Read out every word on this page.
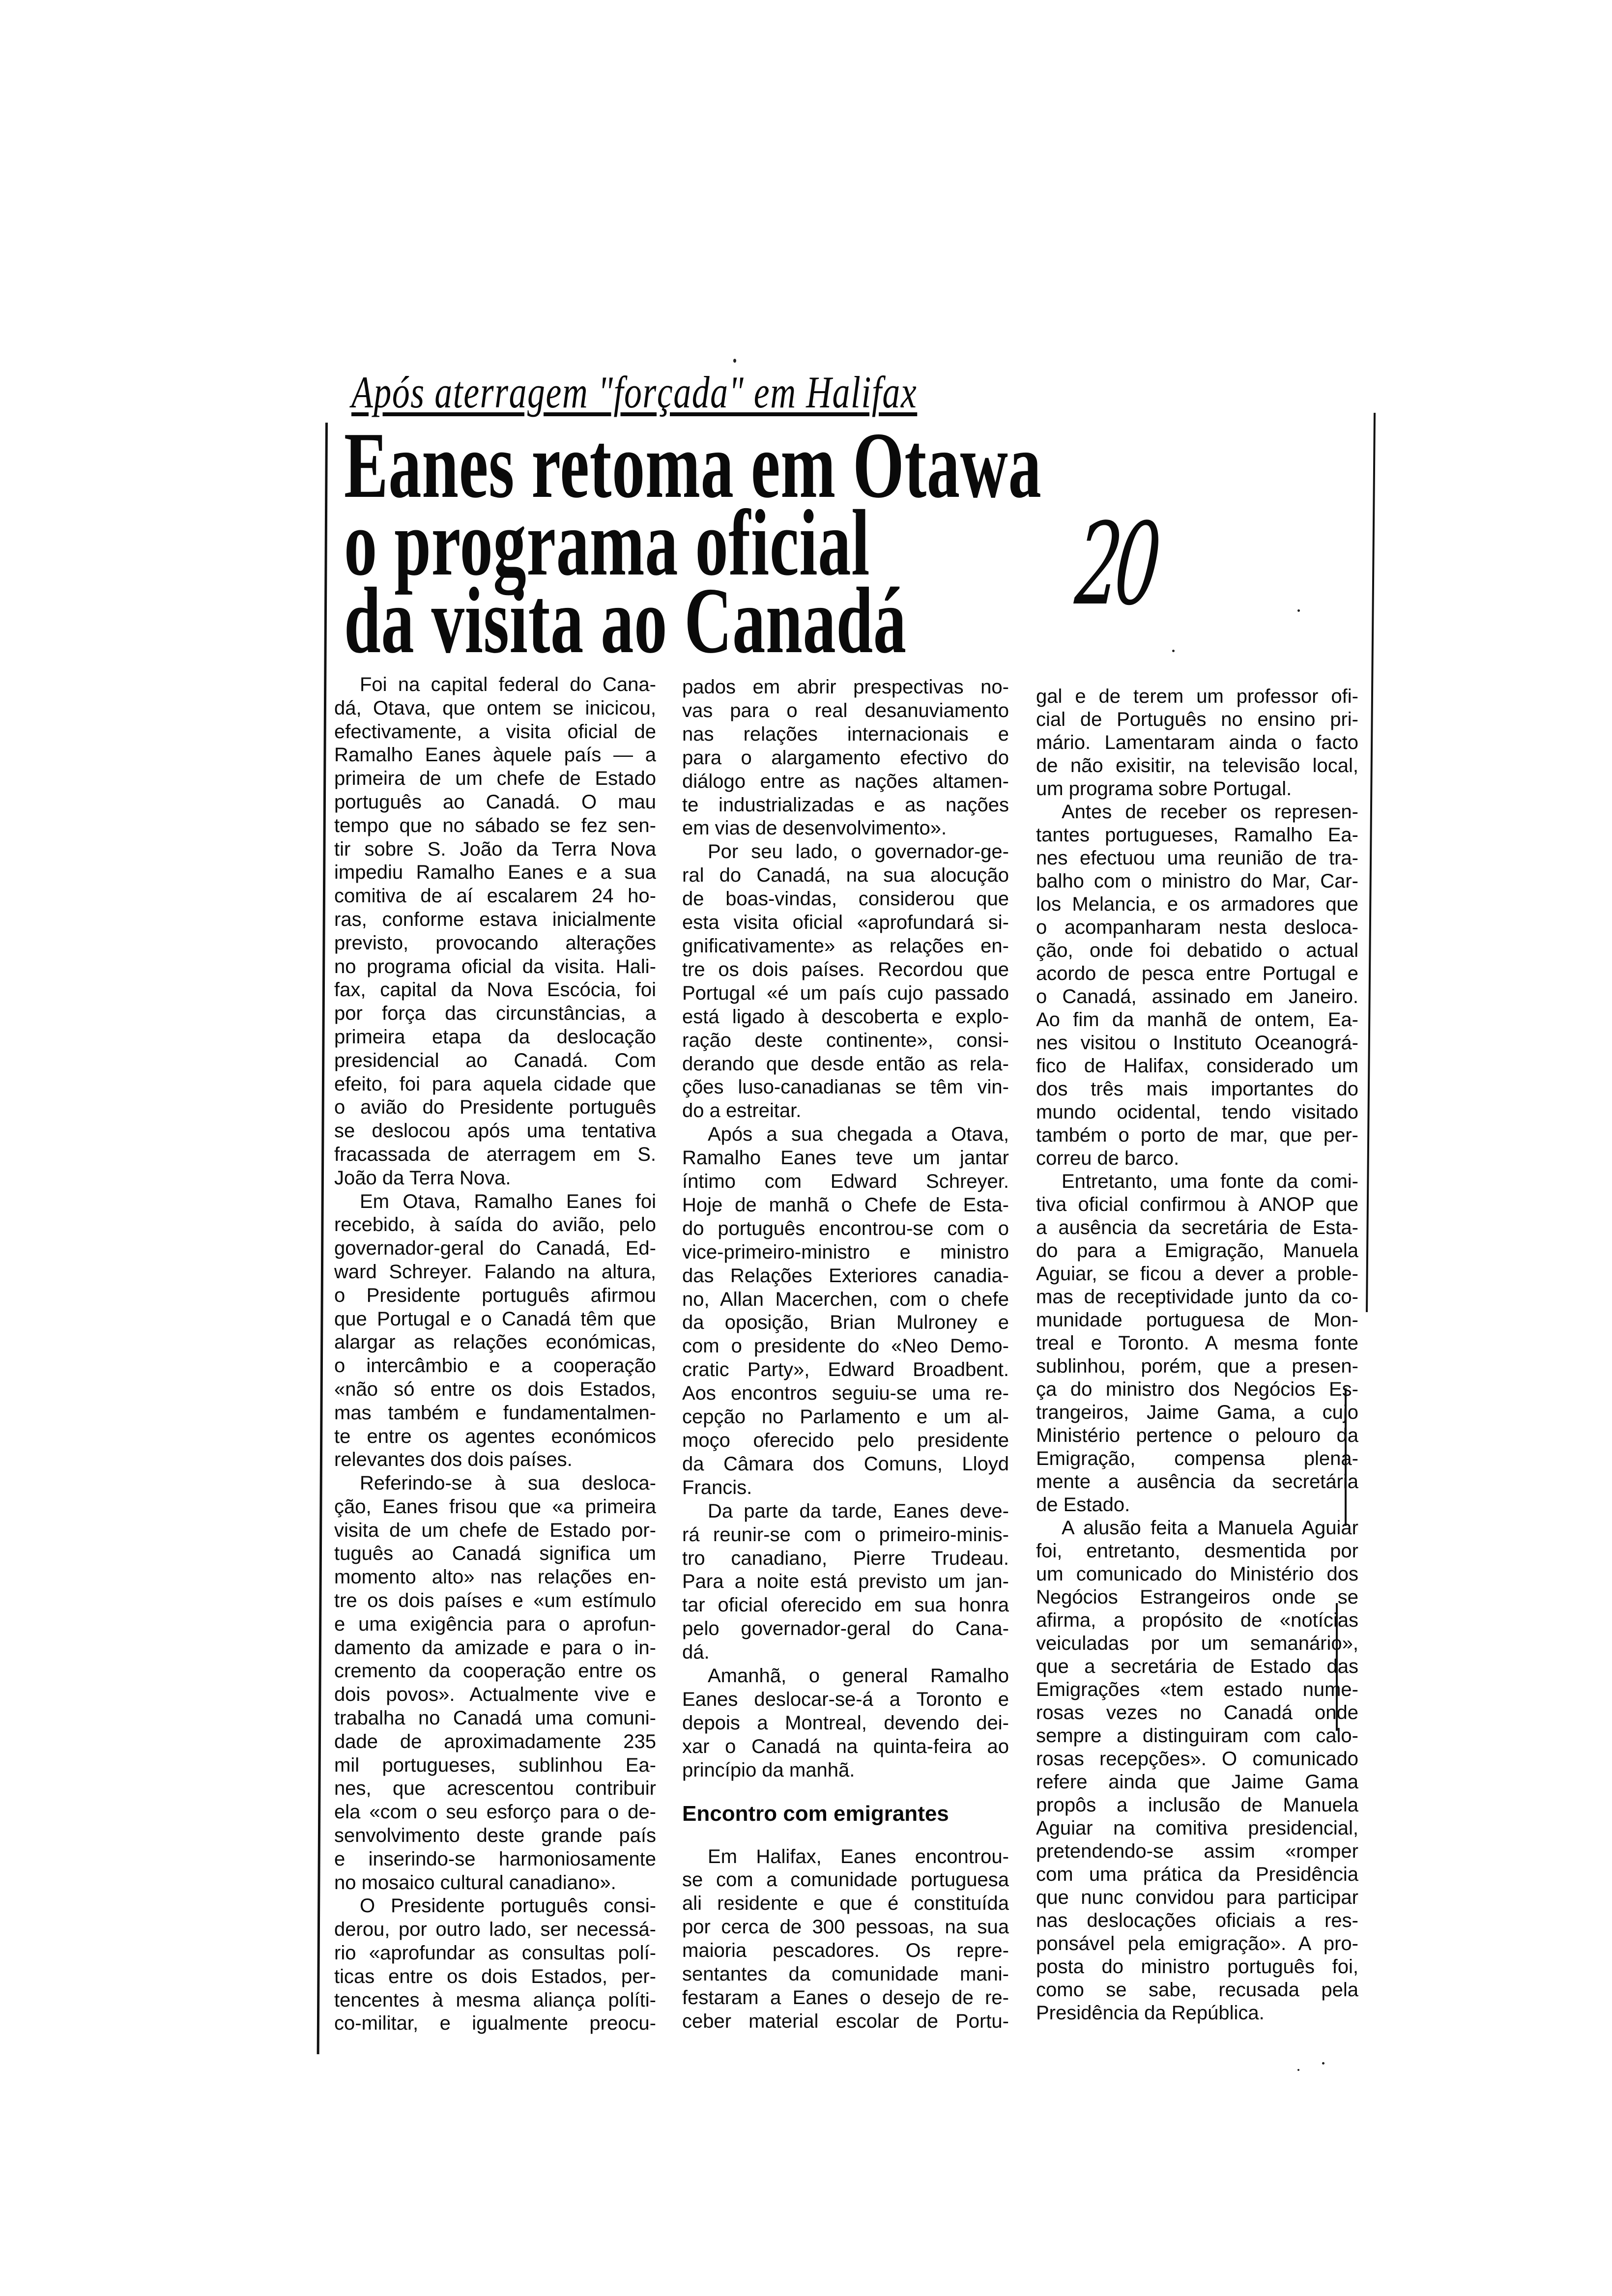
Após aterragem "forçada" em Halifax
Eanes retoma em Otawa
o programa oficial
da visita ao Canadá 20
Foi na capital federal do Cana-
dá, Otava, que ontem se inicicou,
efectivamente, a visita oficial de
Ramalho Eanes àquele país — a
primeira de um chefe de Estado
português ao Canadá. O mau
tempo que no sábado se fez sen-
tir sobre S. João da Terra Nova
impediu Ramalho Eanes e a sua
comitiva de aí escalarem 24 ho-
ras, conforme estava inicialmente
previsto, provocando alterações
no programa oficial da visita. Hali-
fax, capital da Nova Escócia, foi
por força das circunstâncias, a
primeira etapa da deslocação
presidencial ao Canadá. Com
efeito, foi para aquela cidade que
o avião do Presidente português
se deslocou após uma tentativa
fracassada de aterragem em S.
João da Terra Nova.
Em Otava, Ramalho Eanes foi
recebido, à saída do avião, pelo
governador-geral do Canadá, Ed-
ward Schreyer. Falando na altura,
o Presidente português afirmou
que Portugal e o Canadá têm que
alargar as relações económicas,
o intercâmbio e a cooperação
«não só entre os dois Estados,
mas também e fundamentalmen-
te entre os agentes económicos
relevantes dos dois países.
Referindo-se à sua desloca-
ção, Eanes frisou que «a primeira
visita de um chefe de Estado por-
tuguês ao Canadá significa um
momento alto» nas relações en-
tre os dois países e «um estímulo
e uma exigência para o aprofun-
damento da amizade e para o in-
cremento da cooperação entre os
dois povos». Actualmente vive e
trabalha no Canadá uma comuni-
dade de aproximadamente 235
mil portugueses, sublinhou Ea-
nes, que acrescentou contribuir
ela «com o seu esforço para o de-
senvolvimento deste grande país
e inserindo-se harmoniosamente
no mosaico cultural canadiano».
O Presidente português consi-
derou, por outro lado, ser necessá-
rio «aprofundar as consultas polí-
ticas entre os dois Estados, per-
tencentes à mesma aliança políti-
co-militar, e igualmente preocu-
pados em abrir prespectivas no-
vas para o real desanuviamento
nas relações internacionais e
para o alargamento efectivo do
diálogo entre as nações altamen-
te industrializadas e as nações
em vias de desenvolvimento».
Por seu lado, o governador-ge-
ral do Canadá, na sua alocução
de boas-vindas, considerou que
esta visita oficial «aprofundará si-
gnificativamente» as relações en-
tre os dois países. Recordou que
Portugal «é um país cujo passado
está ligado à descoberta e explo-
ração deste continente», consi-
derando que desde então as rela-
ções luso-canadianas se têm vin-
do a estreitar.
Após a sua chegada a Otava,
Ramalho Eanes teve um jantar
íntimo com Edward Schreyer.
Hoje de manhã o Chefe de Esta-
do português encontrou-se com o
vice-primeiro-ministro e ministro
das Relações Exteriores canadia-
no, Allan Macerchen, com o chefe
da oposição, Brian Mulroney e
com o presidente do «Neo Demo-
cratic Party», Edward Broadbent.
Aos encontros seguiu-se uma re-
cepção no Parlamento e um al-
moço oferecido pelo presidente
da Câmara dos Comuns, Lloyd
Francis.
Da parte da tarde, Eanes deve-
rá reunir-se com o primeiro-minis-
tro canadiano, Pierre Trudeau.
Para a noite está previsto um jan-
tar oficial oferecido em sua honra
pelo governador-geral do Cana-
dá.
Amanhã, o general Ramalho
Eanes deslocar-se-á a Toronto e
depois a Montreal, devendo dei-
xar o Canadá na quinta-feira ao
princípio da manhã.
Encontro com emigrantes
Em Halifax, Eanes encontrou-
se com a comunidade portuguesa
ali residente e que é constituída
por cerca de 300 pessoas, na sua
maioria pescadores. Os repre-
sentantes da comunidade mani-
festaram a Eanes o desejo de re-
ceber material escolar de Portu-
gal e de terem um professor ofi-
cial de Português no ensino pri-
mário. Lamentaram ainda o facto
de não exisitir, na televisão local,
um programa sobre Portugal.
Antes de receber os represen-
tantes portugueses, Ramalho Ea-
nes efectuou uma reunião de tra-
balho com o ministro do Mar, Car-
los Melancia, e os armadores que
o acompanharam nesta desloca-
ção, onde foi debatido o actual
acordo de pesca entre Portugal e
o Canadá, assinado em Janeiro.
Ao fim da manhã de ontem, Ea-
nes visitou o Instituto Oceanográ-
fico de Halifax, considerado um
dos três mais importantes do
mundo ocidental, tendo visitado
também o porto de mar, que per-
correu de barco.
Entretanto, uma fonte da comi-
tiva oficial confirmou à ANOP que
a ausência da secretária de Esta-
do para a Emigração, Manuela
Aguiar, se ficou a dever a proble-
mas de receptividade junto da co-
munidade portuguesa de Mon-
treal e Toronto. A mesma fonte
sublinhou, porém, que a presen-
ça do ministro dos Negócios Es-
trangeiros, Jaime Gama, a cujo
Ministério pertence o pelouro da
Emigração, compensa plena-
mente a ausência da secretária
de Estado.
A alusão feita a Manuela Aguiar
foi, entretanto, desmentida por
um comunicado do Ministério dos
Negócios Estrangeiros onde se
afirma, a propósito de «notícias
veiculadas por um semanário»,
que a secretária de Estado das
Emigrações «tem estado nume-
rosas vezes no Canadá onde
sempre a distinguiram com calo-
rosas recepções». O comunicado
refere ainda que Jaime Gama
propôs a inclusão de Manuela
Aguiar na comitiva presidencial,
pretendendo-se assim «romper
com uma prática da Presidência
que nunc convidou para participar
nas deslocações oficiais a res-
ponsável pela emigração». A pro-
posta do ministro português foi,
como se sabe, recusada pela
Presidência da República.
